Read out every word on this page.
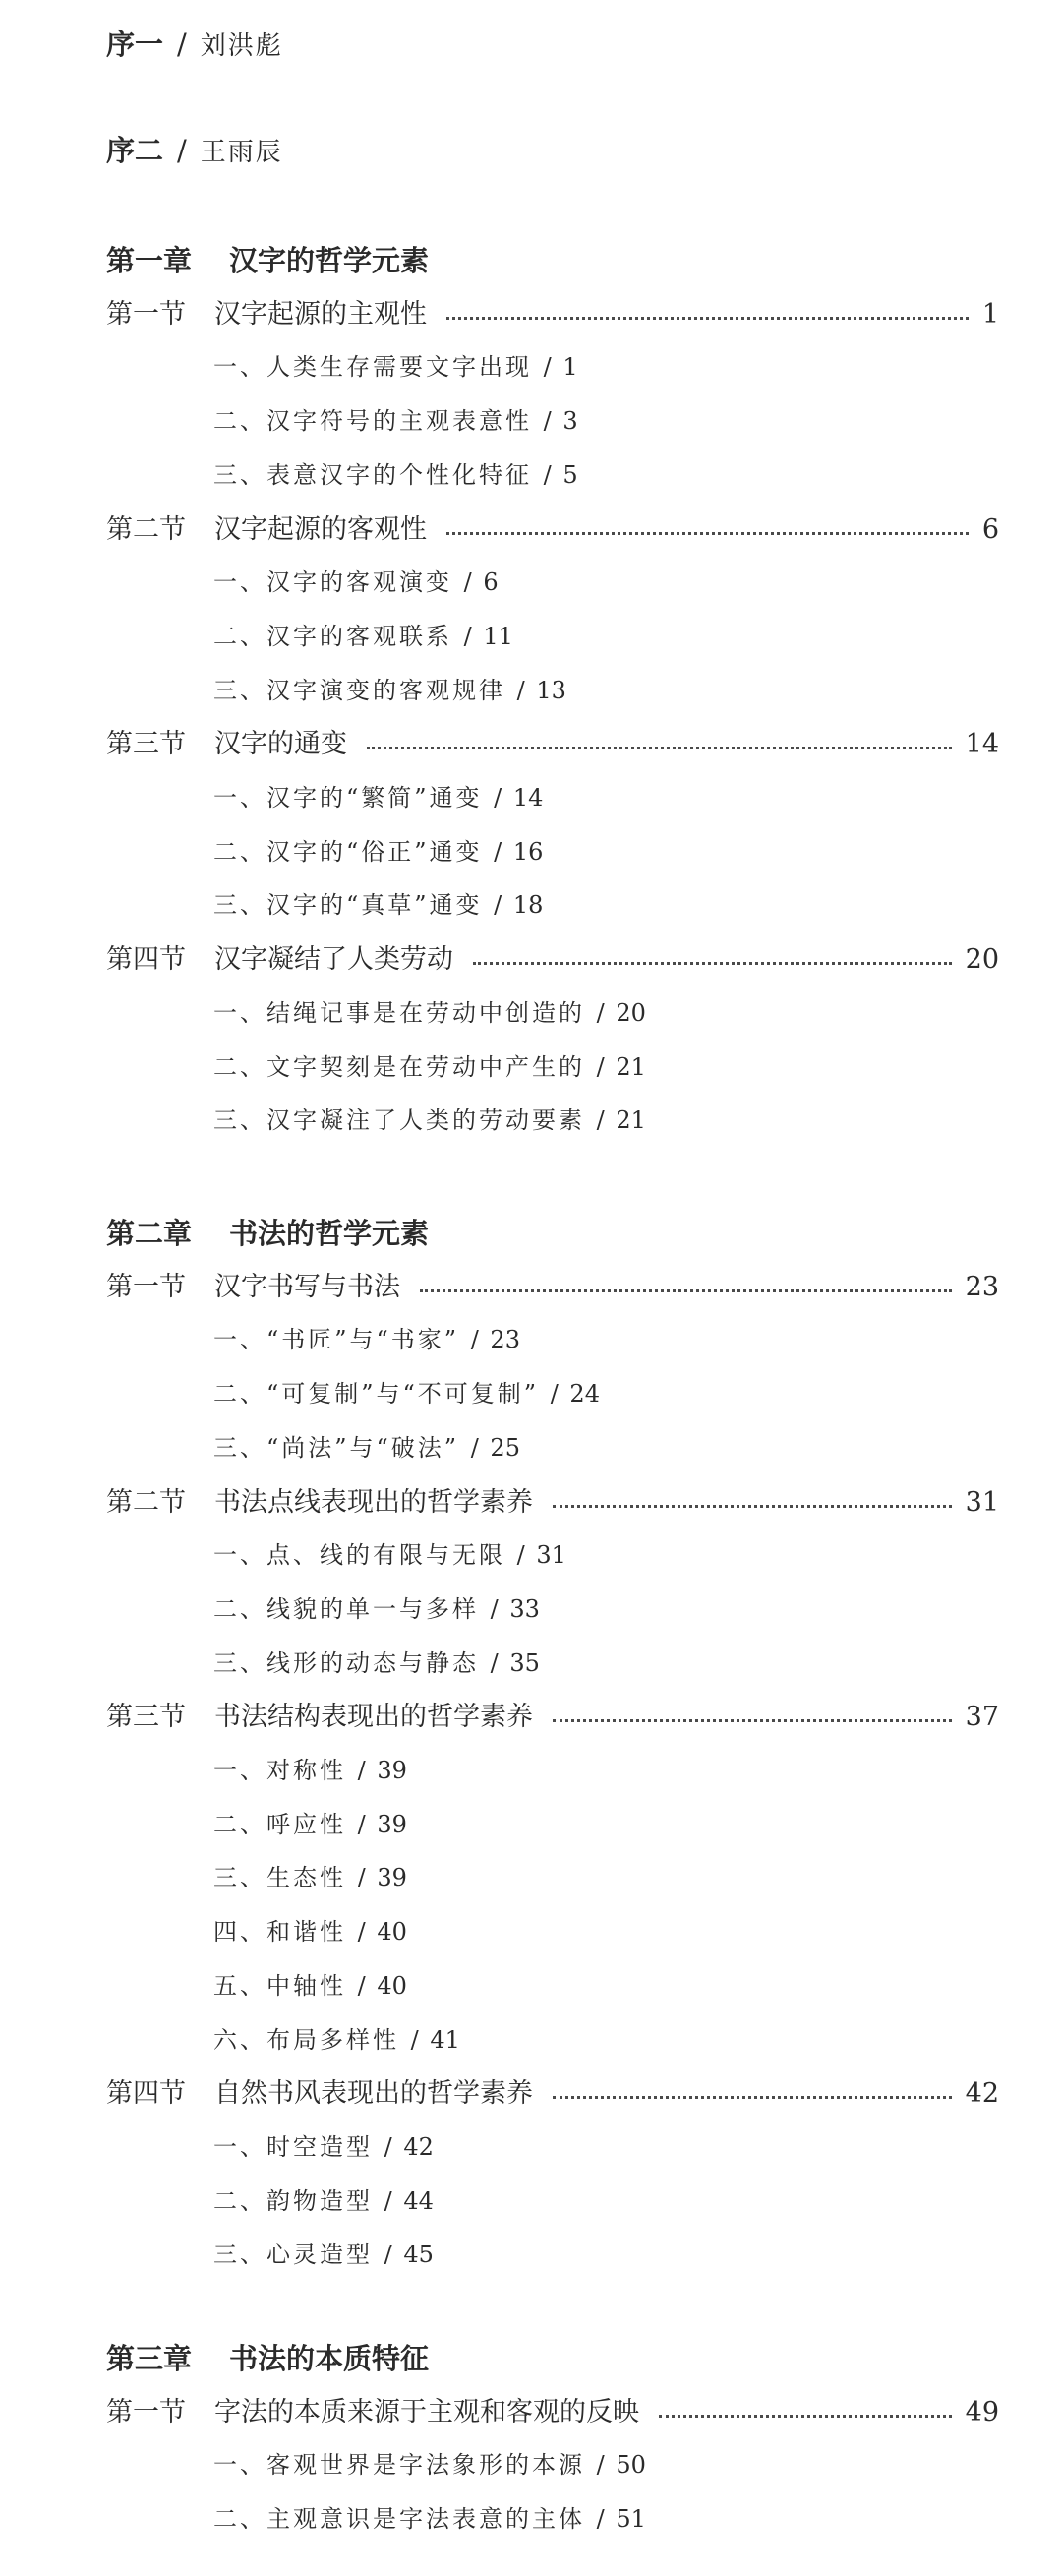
序一 / 刘洪彪
序二 / 王雨辰
第一章 汉字的哲学元素
第一节	汉字起源的主观性	1
一、人类生存需要文字出现 / 1
二、汉字符号的主观表意性 / 3
三、表意汉字的个性化特征 / 5
第二节	汉字起源的客观性	6
一、汉字的客观演变 / 6
二、汉字的客观联系 / 11
三、汉字演变的客观规律 / 13
第三节	汉字的通变	14
一、汉字的“繁简”通变 / 14
二、汉字的“俗正”通变 / 16
三、汉字的“真草”通变 / 18
第四节	汉字凝结了人类劳动	20
一、结绳记事是在劳动中创造的 / 20
二、文字契刻是在劳动中产生的 / 21
三、汉字凝注了人类的劳动要素 / 21
第二章 书法的哲学元素
第一节	汉字书写与书法	23
一、“书匠”与“书家” / 23
二、“可复制”与“不可复制” / 24
三、“尚法”与“破法” / 25
第二节	书法点线表现出的哲学素养	31
一、点、线的有限与无限 / 31
二、线貌的单一与多样 / 33
三、线形的动态与静态 / 35
第三节	书法结构表现出的哲学素养	37
一、对称性 / 39
二、呼应性 / 39
三、生态性 / 39
四、和谐性 / 40
五、中轴性 / 40
六、布局多样性 / 41
第四节	自然书风表现出的哲学素养	42
一、时空造型 / 42
二、韵物造型 / 44
三、心灵造型 / 45
第三章 书法的本质特征
第一节	字法的本质来源于主观和客观的反映	49
一、客观世界是字法象形的本源 / 50
二、主观意识是字法表意的主体 / 51
